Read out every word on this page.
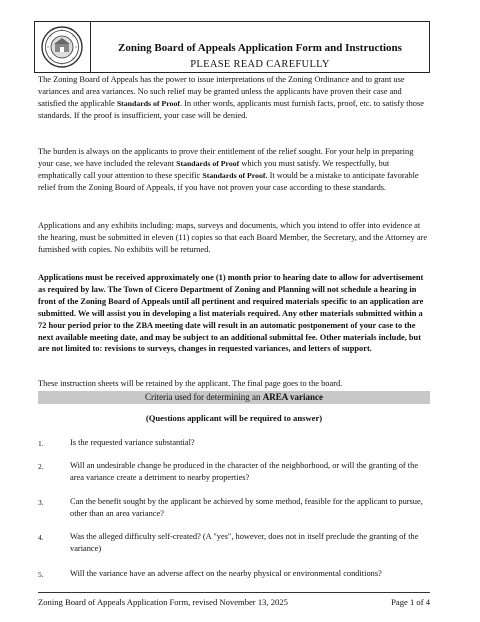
Zoning Board of Appeals Application Form and Instructions
PLEASE READ CAREFULLY

The Zoning Board of Appeals has the power to issue interpretations of the Zoning Ordinance and to grant use variances and area variances. No such relief may be granted unless the applicants have proven their case and satisfied the applicable Standards of Proof. In other words, applicants must furnish facts, proof, etc. to satisfy those standards. If the proof is insufficient, your case will be denied.

The burden is always on the applicants to prove their entitlement of the relief sought. For your help in preparing your case, we have included the relevant Standards of Proof which you must satisfy. We respectfully, but emphatically call your attention to these specific Standards of Proof. It would be a mistake to anticipate favorable relief from the Zoning Board of Appeals, if you have not proven your case according to these standards.

Applications and any exhibits including: maps, surveys and documents, which you intend to offer into evidence at the hearing, must be submitted in eleven (11) copies so that each Board Member, the Secretary, and the Attorney are furnished with copies. No exhibits will be returned.

Applications must be received approximately one (1) month prior to hearing date to allow for advertisement as required by law. The Town of Cicero Department of Zoning and Planning will not schedule a hearing in front of the Zoning Board of Appeals until all pertinent and required materials specific to an application are submitted. We will assist you in developing a list materials required. Any other materials submitted within a 72 hour period prior to the ZBA meeting date will result in an automatic postponement of your case to the next available meeting date, and may be subject to an additional submittal fee. Other materials include, but are not limited to: revisions to surveys, changes in requested variances, and letters of support.

These instruction sheets will be retained by the applicant. The final page goes to the board.

Criteria used for determining an AREA variance
(Questions applicant will be required to answer)
1.	Is the requested variance substantial?
2.	Will an undesirable change be produced in the character of the neighborhood, or will the granting of the area variance create a detriment to nearby properties?
3.	Can the benefit sought by the applicant be achieved by some method, feasible for the applicant to pursue, other than an area variance?
4.	Was the alleged difficulty self-created? (A "yes", however, does not in itself preclude the granting of the variance)
5.	Will the variance have an adverse affect on the nearby physical or environmental conditions?
Zoning Board of Appeals Application Form, revised November 13, 2025	Page 1 of 4
